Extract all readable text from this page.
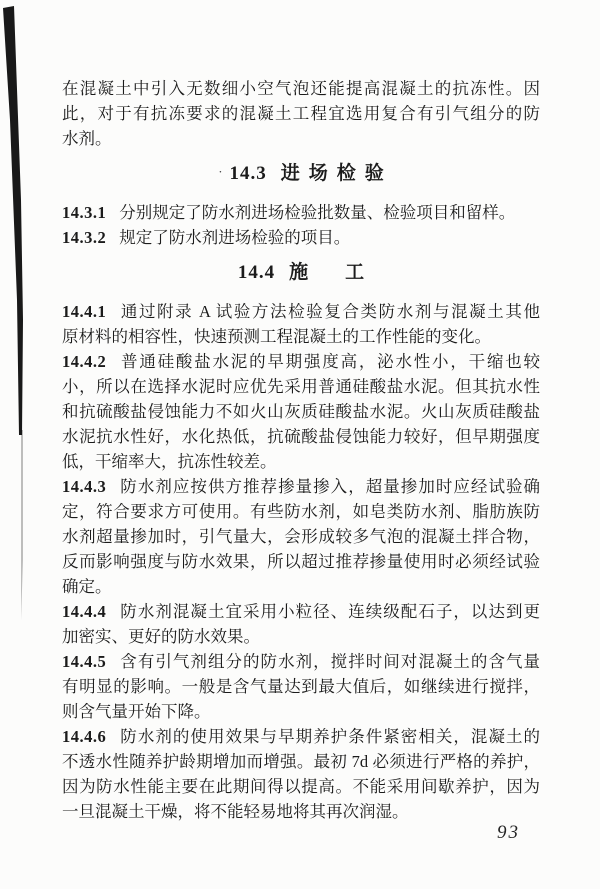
在混凝土中引入无数细小空气泡还能提高混凝土的抗冻性。因
此，对于有抗冻要求的混凝土工程宜选用复合有引气组分的防
水剂。
· 14.3 进场检验
14.3.1 分别规定了防水剂进场检验批数量、检验项目和留样。
14.3.2 规定了防水剂进场检验的项目。
14.4 施　工
14.4.1 通过附录 A 试验方法检验复合类防水剂与混凝土其他
原材料的相容性，快速预测工程混凝土的工作性能的变化。
14.4.2 普通硅酸盐水泥的早期强度高，泌水性小，干缩也较
小，所以在选择水泥时应优先采用普通硅酸盐水泥。但其抗水性
和抗硫酸盐侵蚀能力不如火山灰质硅酸盐水泥。火山灰质硅酸盐
水泥抗水性好，水化热低，抗硫酸盐侵蚀能力较好，但早期强度
低，干缩率大，抗冻性较差。
14.4.3 防水剂应按供方推荐掺量掺入，超量掺加时应经试验确
定，符合要求方可使用。有些防水剂，如皂类防水剂、脂肪族防
水剂超量掺加时，引气量大，会形成较多气泡的混凝土拌合物，
反而影响强度与防水效果，所以超过推荐掺量使用时必须经试验
确定。
14.4.4 防水剂混凝土宜采用小粒径、连续级配石子，以达到更
加密实、更好的防水效果。
14.4.5 含有引气剂组分的防水剂，搅拌时间对混凝土的含气量
有明显的影响。一般是含气量达到最大值后，如继续进行搅拌，
则含气量开始下降。
14.4.6 防水剂的使用效果与早期养护条件紧密相关，混凝土的
不透水性随养护龄期增加而增强。最初 7d 必须进行严格的养护，
因为防水性能主要在此期间得以提高。不能采用间歇养护，因为
一旦混凝土干燥，将不能轻易地将其再次润湿。
93
